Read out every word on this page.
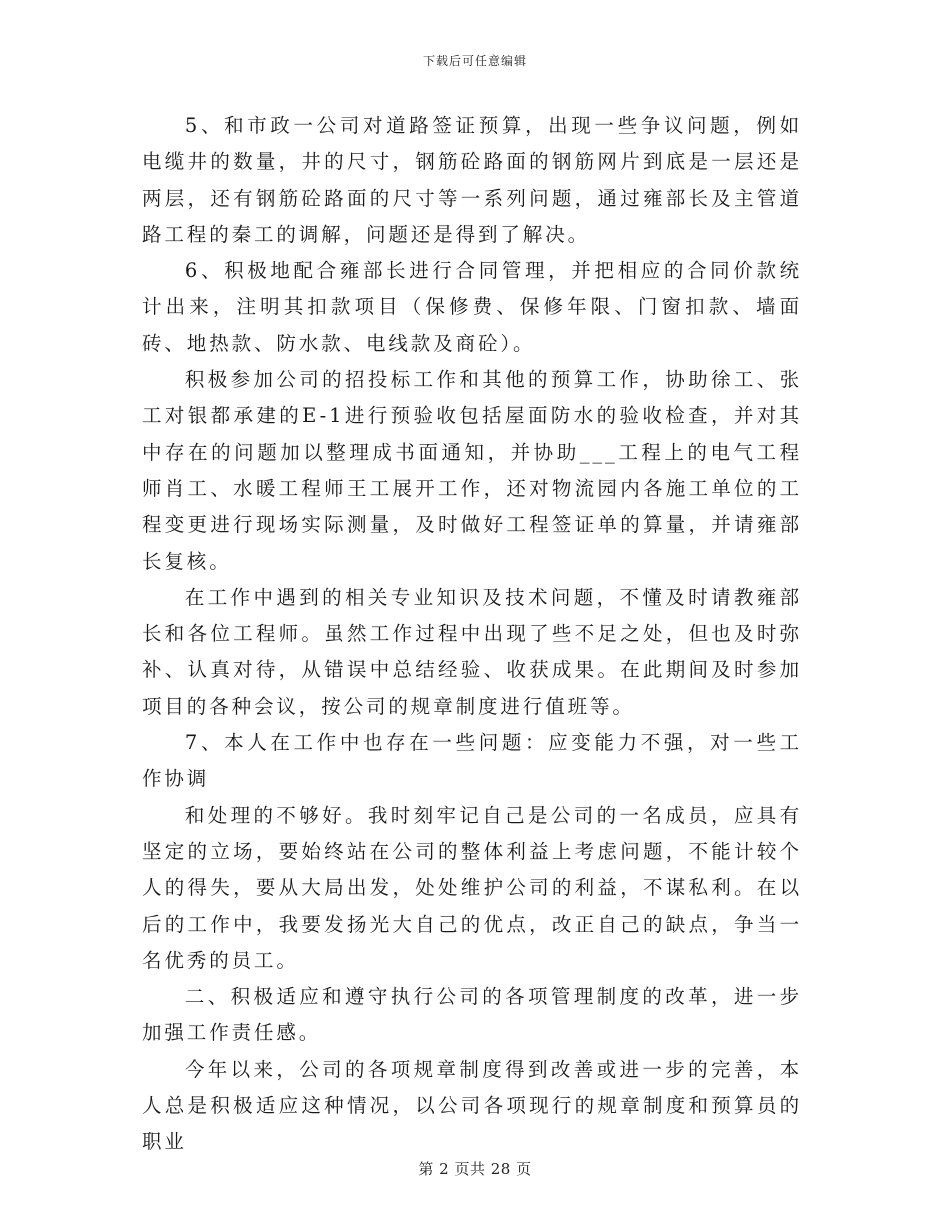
下载后可任意编辑

5、和市政一公司对道路签证预算，出现一些争议问题，例如电缆井的数量，井的尺寸，钢筋砼路面的钢筋网片到底是一层还是两层，还有钢筋砼路面的尺寸等一系列问题，通过雍部长及主管道路工程的秦工的调解，问题还是得到了解决。

6、积极地配合雍部长进行合同管理，并把相应的合同价款统计出来，注明其扣款项目（保修费、保修年限、门窗扣款、墙面砖、地热款、防水款、电线款及商砼）。

积极参加公司的招投标工作和其他的预算工作，协助徐工、张工对银都承建的E-1进行预验收包括屋面防水的验收检查，并对其中存在的问题加以整理成书面通知，并协助___工程上的电气工程师肖工、水暖工程师王工展开工作，还对物流园内各施工单位的工程变更进行现场实际测量，及时做好工程签证单的算量，并请雍部长复核。

在工作中遇到的相关专业知识及技术问题，不懂及时请教雍部长和各位工程师。虽然工作过程中出现了些不足之处，但也及时弥补、认真对待，从错误中总结经验、收获成果。在此期间及时参加项目的各种会议，按公司的规章制度进行值班等。

7、本人在工作中也存在一些问题：应变能力不强，对一些工作协调

和处理的不够好。我时刻牢记自己是公司的一名成员，应具有坚定的立场，要始终站在公司的整体利益上考虑问题，不能计较个人的得失，要从大局出发，处处维护公司的利益，不谋私利。在以后的工作中，我要发扬光大自己的优点，改正自己的缺点，争当一名优秀的员工。

二、积极适应和遵守执行公司的各项管理制度的改革，进一步加强工作责任感。

今年以来，公司的各项规章制度得到改善或进一步的完善，本人总是积极适应这种情况，以公司各项现行的规章制度和预算员的职业

第 2 页共 28 页
